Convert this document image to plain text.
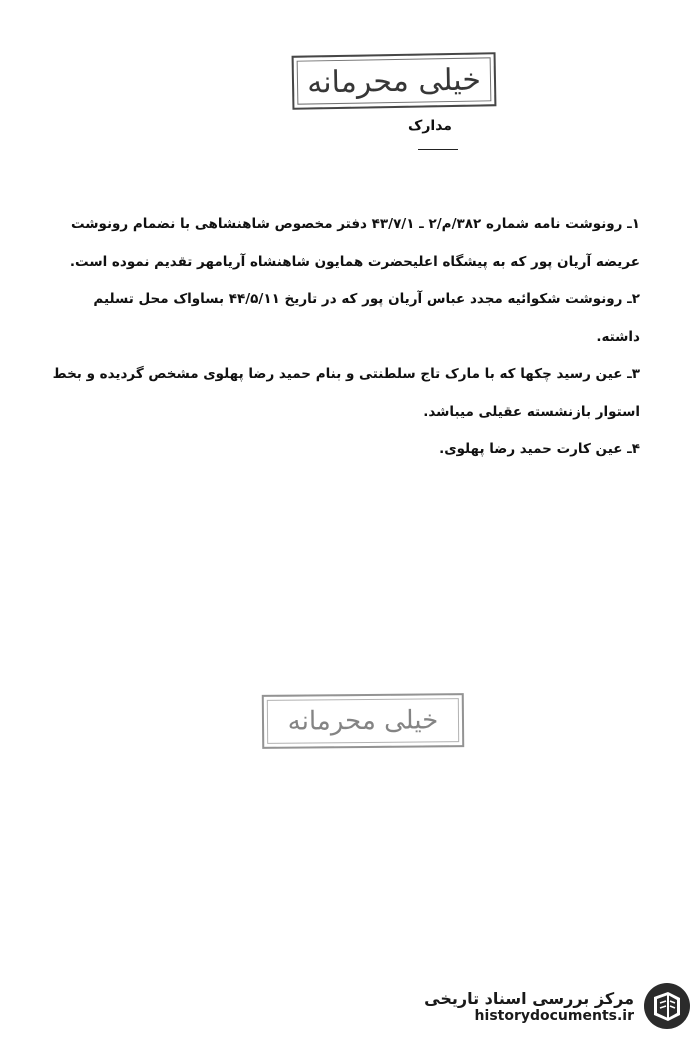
خیلی محرمانه
مدارک

۱ـ رونوشت نامه شماره ۳۸۲/م/۲ ـ ۴۳/۷/۱ دفتر مخصوص شاهنشاهی با نضمام رونوشت عریضه آریان پور که به پیشگاه اعلیحضرت همایون شاهنشاه آریامهر تقدیم نموده است.

۲ـ رونوشت شکوائیه مجدد عباس آریان پور که در تاریخ ۴۴/۵/۱۱ بساواک محل تسلیم داشته.

۳ـ عین رسید چکها که با مارک تاج سلطنتی و بنام حمید رضا پهلوی مشخص گردیده و بخط استوار بازنشسته عقیلی میباشد.

۴ـ عین کارت حمید رضا پهلوی.

خیلی محرمانه
مرکز بررسی اسناد تاریخی
historydocuments.ir
